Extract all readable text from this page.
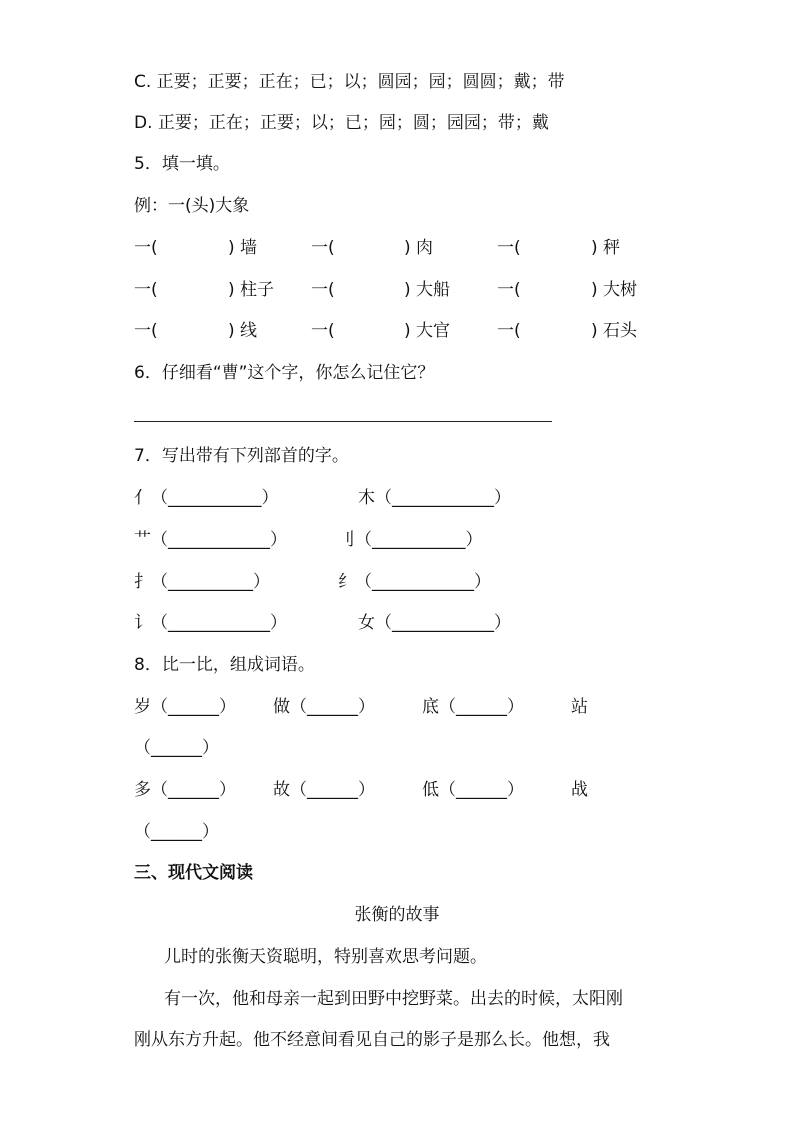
C. 正要；正要；正在；已；以；圆园；园；圆圆；戴；带
D. 正要；正在；正要；以；已；园；圆；园园；带；戴
5．填一填。
例：一(头)大象
一(	) 墙	一(	) 肉	一(	) 秤
一(	) 柱子 一(	) 大船	一(	) 大树
一(	) 线	一(	) 大官	一(	) 石头
6．仔细看“曹”这个字，你怎么记住它？
7．写出带有下列部首的字。
亻（___________）	木（____________）
艹（____________）	刂（___________）
扌（__________）	纟（____________）
讠（____________）	女（____________）
8．比一比，组成词语。
岁（______） 做（______）	底（______）	站
（______）
多（______） 故（______）	低（______）	战
（______）
三、现代文阅读
张衡的故事
儿时的张衡天资聪明，特别喜欢思考问题。
有一次，他和母亲一起到田野中挖野菜。出去的时候，太阳刚
刚从东方升起。他不经意间看见自己的影子是那么长。他想，我
